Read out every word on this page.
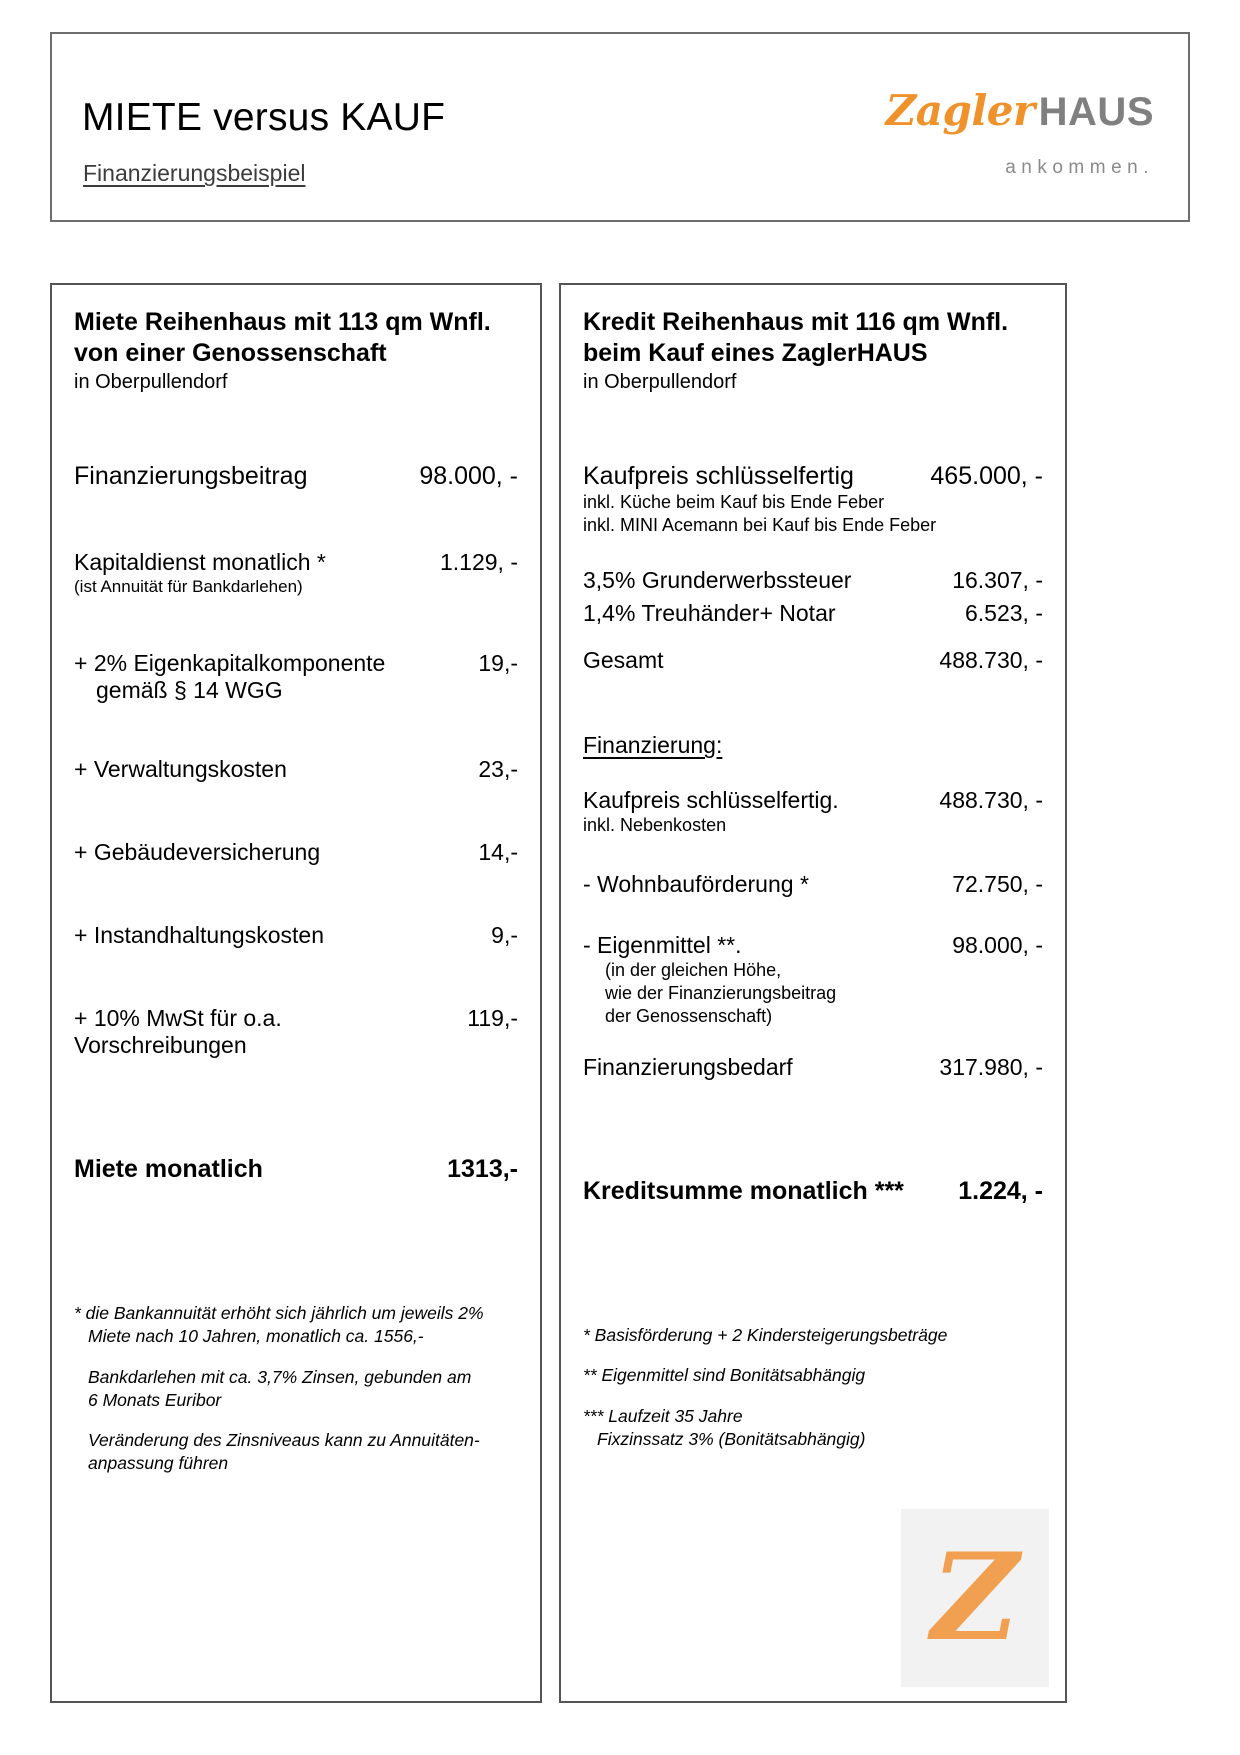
MIETE versus KAUF
Finanzierungsbeispiel
Zagler HAUS
ankommen.
Miete Reihenhaus mit 113 qm Wnfl.
von einer Genossenschaft
in Oberpullendorf
Finanzierungsbeitrag	98.000, -
Kapitaldienst monatlich *	1.129, -
(ist Annuität für Bankdarlehen)
+ 2% Eigenkapitalkomponente	19,-
gemäß § 14 WGG
+ Verwaltungskosten	23,-
+ Gebäudeversicherung	14,-
+ Instandhaltungskosten	9,-
+ 10% MwSt für o.a. Vorschreibungen
119,-
Miete monatlich	1313,-
* die Bankannuität erhöht sich jährlich um jeweils 2%
Miete nach 10 Jahren, monatlich ca. 1556,-
Bankdarlehen mit ca. 3,7% Zinsen, gebunden am
6 Monats Euribor
Veränderung des Zinsniveaus kann zu Annuitäten-
anpassung führen
Kredit Reihenhaus mit 116 qm Wnfl.
beim Kauf eines ZaglerHAUS
in Oberpullendorf
Kaufpreis schlüsselfertig	465.000, -
inkl. Küche beim Kauf bis Ende Feber
inkl. MINI Acemann bei Kauf bis Ende Feber
3,5% Grunderwerbssteuer	16.307, -
1,4% Treuhänder+ Notar	6.523, -
Gesamt	488.730, -
Finanzierung:
Kaufpreis schlüsselfertig.	488.730, -
inkl. Nebenkosten
- Wohnbauförderung *	72.750, -
- Eigenmittel **.	98.000, -
(in der gleichen Höhe,
wie der Finanzierungsbeitrag
der Genossenschaft)
Finanzierungsbedarf	317.980, -
Kreditsumme monatlich ***	1.224, -
* Basisförderung + 2 Kindersteigerungsbeträge
** Eigenmittel sind Bonitätsabhängig
*** Laufzeit 35 Jahre
Fixzinssatz 3% (Bonitätsabhängig)
Z
